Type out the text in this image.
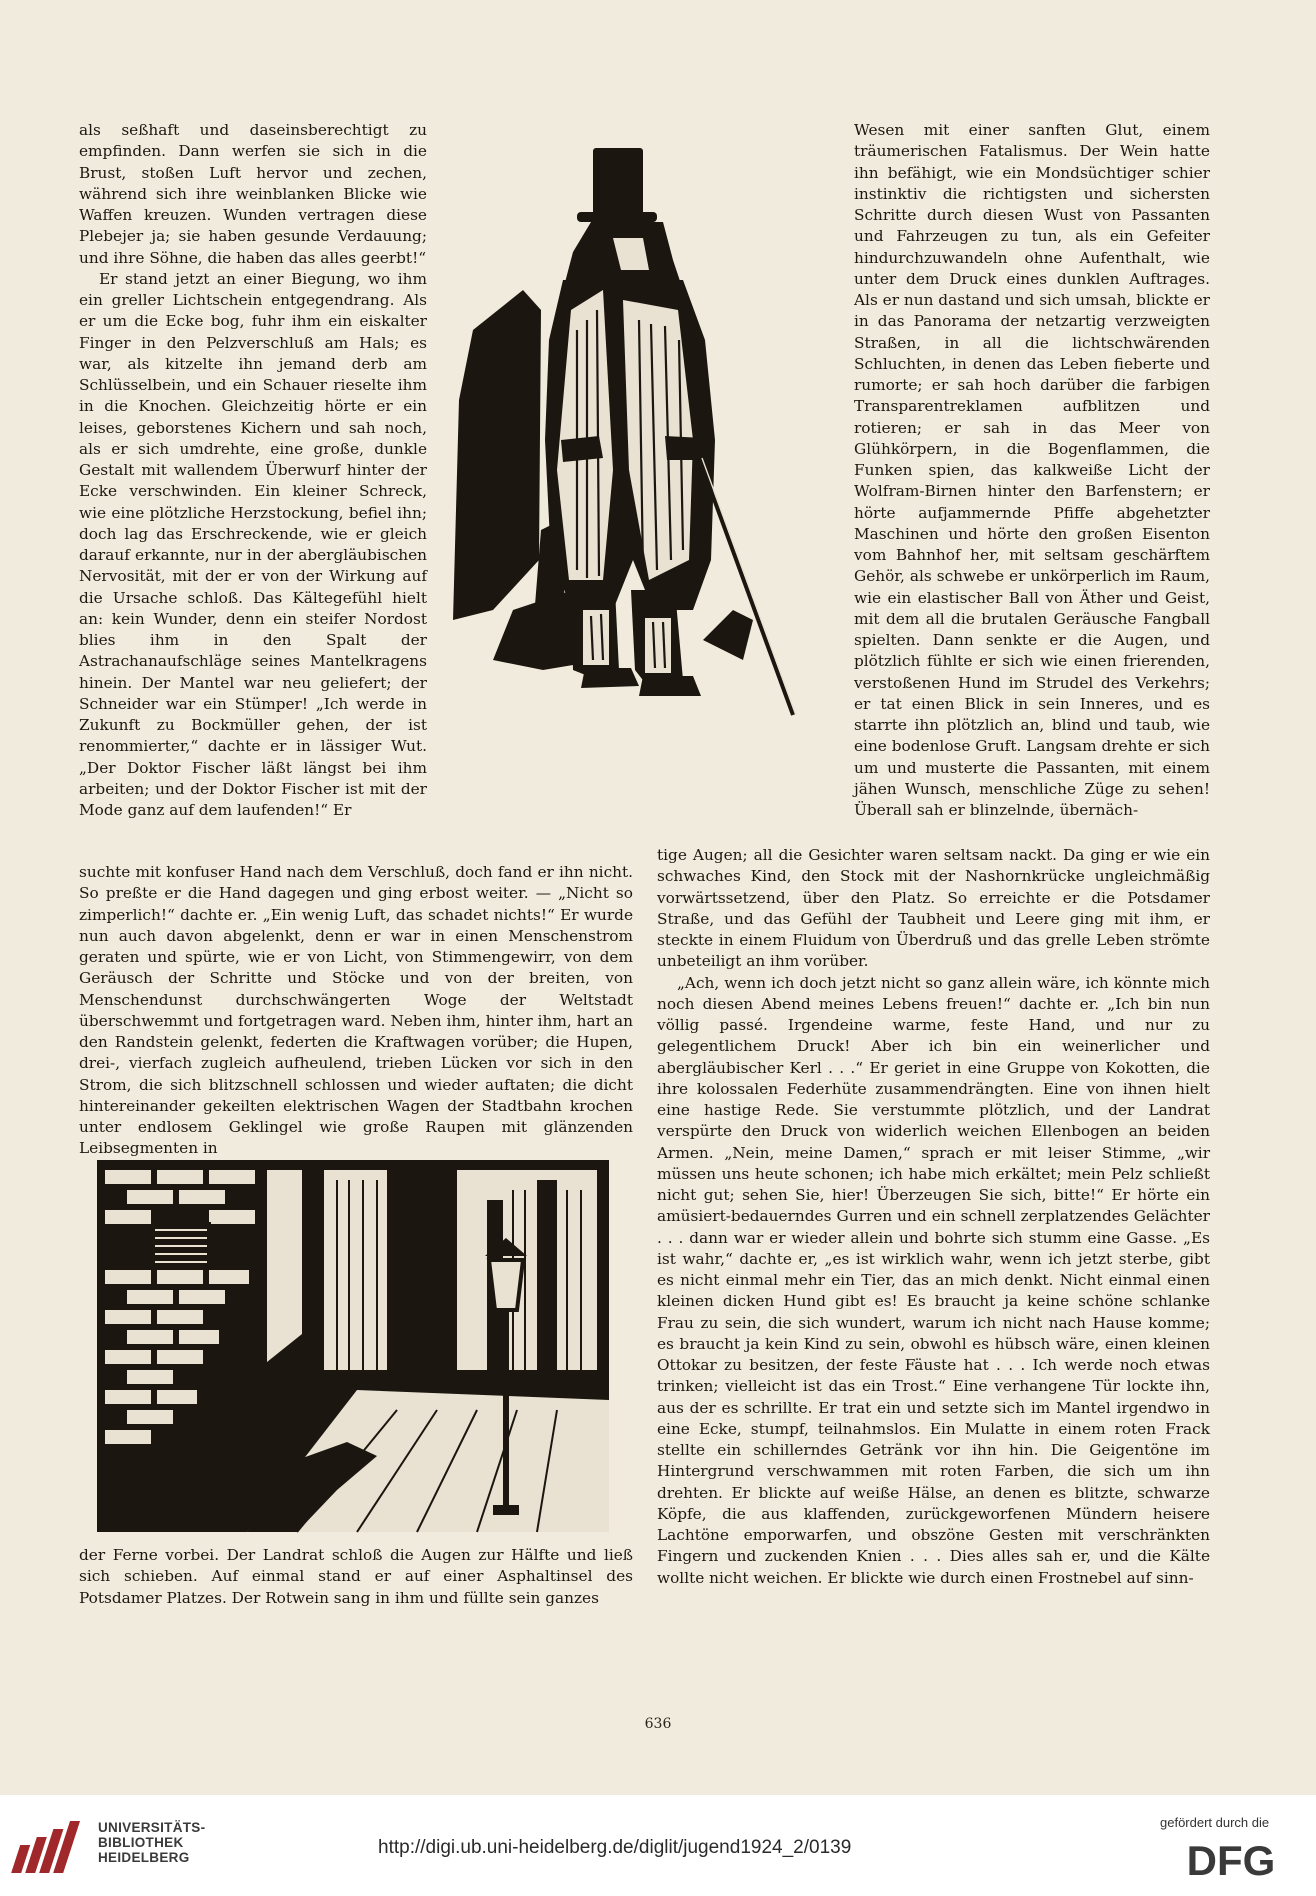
als seßhaft und daseinsberechtigt zu empfinden. Dann werfen sie sich in die Brust, stoßen Luft hervor und zechen, während sich ihre weinblanken Blicke wie Waffen kreuzen. Wunden vertragen diese Plebejer ja; sie haben gesunde Verdauung; und ihre Söhne, die haben das alles geerbt!“

Er stand jetzt an einer Biegung, wo ihm ein greller Lichtschein entgegendrang. Als er um die Ecke bog, fuhr ihm ein eiskalter Finger in den Pelzverschluß am Hals; es war, als kitzelte ihn jemand derb am Schlüsselbein, und ein Schauer rieselte ihm in die Knochen. Gleichzeitig hörte er ein leises, geborstenes Kichern und sah noch, als er sich umdrehte, eine große, dunkle Gestalt mit wallendem Überwurf hinter der Ecke verschwinden. Ein kleiner Schreck, wie eine plötzliche Herzstockung, befiel ihn; doch lag das Erschreckende, wie er gleich darauf erkannte, nur in der abergläubischen Nervosität, mit der er von der Wirkung auf die Ursache schloß. Das Kältegefühl hielt an: kein Wunder, denn ein steifer Nordost blies ihm in den Spalt der Astrachanaufschläge seines Mantelkragens hinein. Der Mantel war neu geliefert; der Schneider war ein Stümper! „Ich werde in Zukunft zu Bockmüller gehen, der ist renommierter,“ dachte er in lässiger Wut. „Der Doktor Fischer läßt längst bei ihm arbeiten; und der Doktor Fischer ist mit der Mode ganz auf dem laufenden!“ Er

Wesen mit einer sanften Glut, einem träumerischen Fatalismus. Der Wein hatte ihn befähigt, wie ein Mondsüchtiger schier instinktiv die richtigsten und sichersten Schritte durch diesen Wust von Passanten und Fahrzeugen zu tun, als ein Gefeiter hindurchzuwandeln ohne Aufenthalt, wie unter dem Druck eines dunklen Auftrages. Als er nun dastand und sich umsah, blickte er in das Panorama der netzartig verzweigten Straßen, in all die lichtschwärenden Schluchten, in denen das Leben fieberte und rumorte; er sah hoch darüber die farbigen Transparentreklamen aufblitzen und rotieren; er sah in das Meer von Glühkörpern, in die Bogenflammen, die Funken spien, das kalkweiße Licht der Wolfram-Birnen hinter den Barfenstern; er hörte aufjammernde Pfiffe abgehetzter Maschinen und hörte den großen Eisenton vom Bahnhof her, mit seltsam geschärftem Gehör, als schwebe er unkörperlich im Raum, wie ein elastischer Ball von Äther und Geist, mit dem all die brutalen Geräusche Fangball spielten. Dann senkte er die Augen, und plötzlich fühlte er sich wie einen frierenden, verstoßenen Hund im Strudel des Verkehrs; er tat einen Blick in sein Inneres, und es starrte ihn plötzlich an, blind und taub, wie eine bodenlose Gruft. Langsam drehte er sich um und musterte die Passanten, mit einem jähen Wunsch, menschliche Züge zu sehen! Überall sah er blinzelnde, übernäch-

suchte mit konfuser Hand nach dem Verschluß, doch fand er ihn nicht. So preßte er die Hand dagegen und ging erbost weiter. — „Nicht so zimperlich!“ dachte er. „Ein wenig Luft, das schadet nichts!“ Er wurde nun auch davon abgelenkt, denn er war in einen Menschenstrom geraten und spürte, wie er von Licht, von Stimmengewirr, von dem Geräusch der Schritte und Stöcke und von der breiten, von Menschendunst durchschwängerten Woge der Weltstadt überschwemmt und fortgetragen ward. Neben ihm, hinter ihm, hart an den Randstein gelenkt, federten die Kraftwagen vorüber; die Hupen, drei-, vierfach zugleich aufheulend, trieben Lücken vor sich in den Strom, die sich blitzschnell schlossen und wieder auftaten; die dicht hintereinander gekeilten elektrischen Wagen der Stadtbahn krochen unter endlosem Geklingel wie große Raupen mit glänzenden Leibsegmenten in

tige Augen; all die Gesichter waren seltsam nackt. Da ging er wie ein schwaches Kind, den Stock mit der Nashornkrücke ungleichmäßig vorwärtssetzend, über den Platz. So erreichte er die Potsdamer Straße, und das Gefühl der Taubheit und Leere ging mit ihm, er steckte in einem Fluidum von Überdruß und das grelle Leben strömte unbeteiligt an ihm vorüber.

„Ach, wenn ich doch jetzt nicht so ganz allein wäre, ich könnte mich noch diesen Abend meines Lebens freuen!“ dachte er. „Ich bin nun völlig passé. Irgendeine warme, feste Hand, und nur zu gelegentlichem Druck! Aber ich bin ein weinerlicher und abergläubischer Kerl . . .“ Er geriet in eine Gruppe von Kokotten, die ihre kolossalen Federhüte zusammendrängten. Eine von ihnen hielt eine hastige Rede. Sie verstummte plötzlich, und der Landrat verspürte den Druck von widerlich weichen Ellenbogen an beiden Armen. „Nein, meine Damen,“ sprach er mit leiser Stimme, „wir müssen uns heute schonen; ich habe mich erkältet; mein Pelz schließt nicht gut; sehen Sie, hier! Überzeugen Sie sich, bitte!“ Er hörte ein amüsiert-bedauerndes Gurren und ein schnell zerplatzendes Gelächter . . . dann war er wieder allein und bohrte sich stumm eine Gasse. „Es ist wahr,“ dachte er, „es ist wirklich wahr, wenn ich jetzt sterbe, gibt es nicht einmal mehr ein Tier, das an mich denkt. Nicht einmal einen kleinen dicken Hund gibt es! Es braucht ja keine schöne schlanke Frau zu sein, die sich wundert, warum ich nicht nach Hause komme; es braucht ja kein Kind zu sein, obwohl es hübsch wäre, einen kleinen Ottokar zu besitzen, der feste Fäuste hat . . . Ich werde noch etwas trinken; vielleicht ist das ein Trost.“ Eine verhangene Tür lockte ihn, aus der es schrillte. Er trat ein und setzte sich im Mantel irgendwo in eine Ecke, stumpf, teilnahmslos. Ein Mulatte in einem roten Frack stellte ein schillerndes Getränk vor ihn hin. Die Geigentöne im Hintergrund verschwammen mit roten Farben, die sich um ihn drehten. Er blickte auf weiße Hälse, an denen es blitzte, schwarze Köpfe, die aus klaffenden, zurückgeworfenen Mündern heisere Lachtöne emporwarfen, und obszöne Gesten mit verschränkten Fingern und zuckenden Knien . . . Dies alles sah er, und die Kälte wollte nicht weichen. Er blickte wie durch einen Frostnebel auf sinn-

der Ferne vorbei. Der Landrat schloß die Augen zur Hälfte und ließ sich schieben. Auf einmal stand er auf einer Asphaltinsel des Potsdamer Platzes. Der Rotwein sang in ihm und füllte sein ganzes

636
UNIVERSITÄTS-
BIBLIOTHEK
HEIDELBERG	http://digi.ub.uni-heidelberg.de/diglit/jugend1924_2/0139
gefördert durch die
DFG
